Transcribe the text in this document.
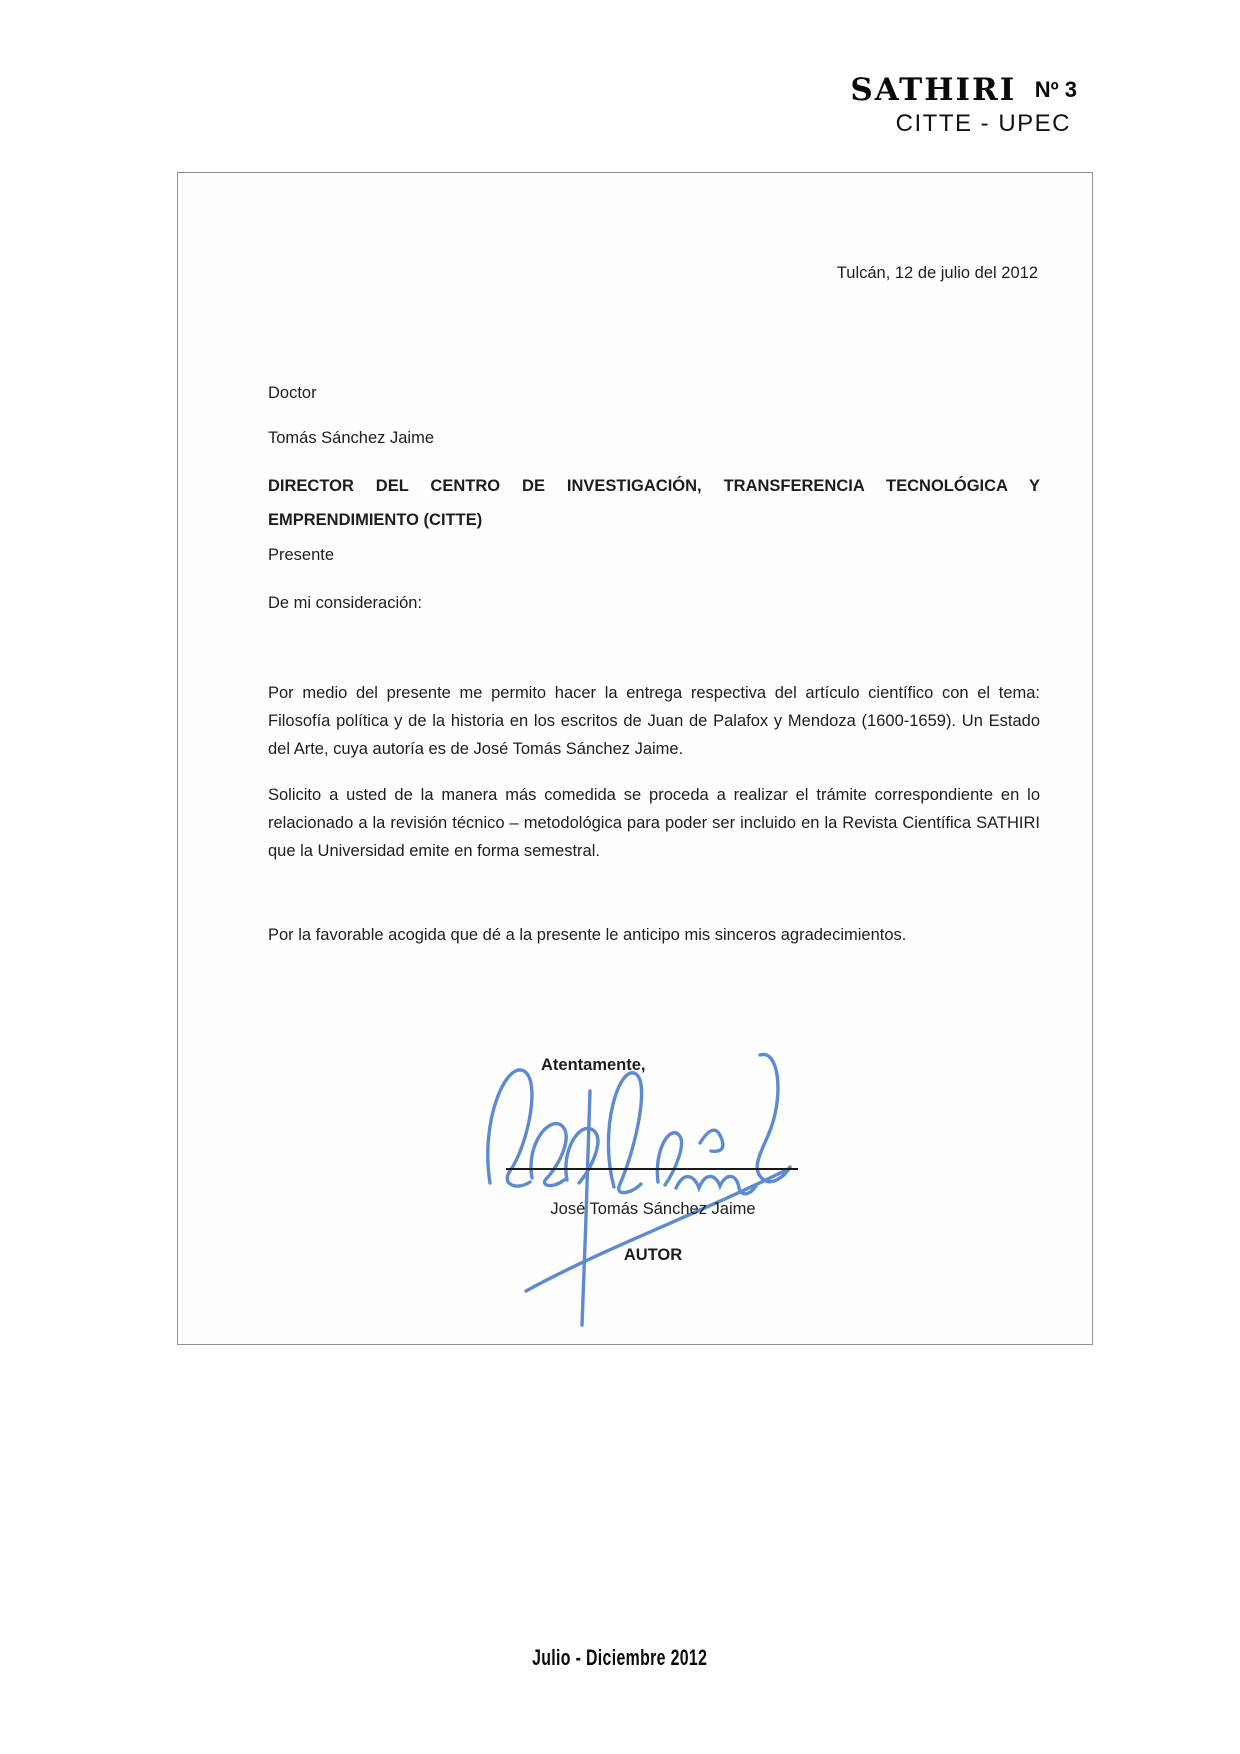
SATHIRI Nº 3
CITTE - UPEC
Tulcán, 12 de julio del 2012
Doctor
Tomás Sánchez Jaime
DIRECTOR DEL CENTRO DE INVESTIGACIÓN, TRANSFERENCIA TECNOLÓGICA Y EMPRENDIMIENTO (CITTE)
Presente
De mi consideración:
Por medio del presente me permito hacer la entrega respectiva del artículo científico con el tema: Filosofía política y de la historia en los escritos de Juan de Palafox y Mendoza (1600-1659). Un Estado del Arte, cuya autoría es de José Tomás Sánchez Jaime.
Solicito a usted de la manera más comedida se proceda a realizar el trámite correspondiente en lo relacionado a la revisión técnico – metodológica para poder ser incluido en la Revista Científica SATHIRI que la Universidad emite en forma semestral.
Por la favorable acogida que dé a la presente le anticipo mis sinceros agradecimientos.
Atentamente,
José Tomás Sánchez Jaime
AUTOR
Julio - Diciembre 2012
